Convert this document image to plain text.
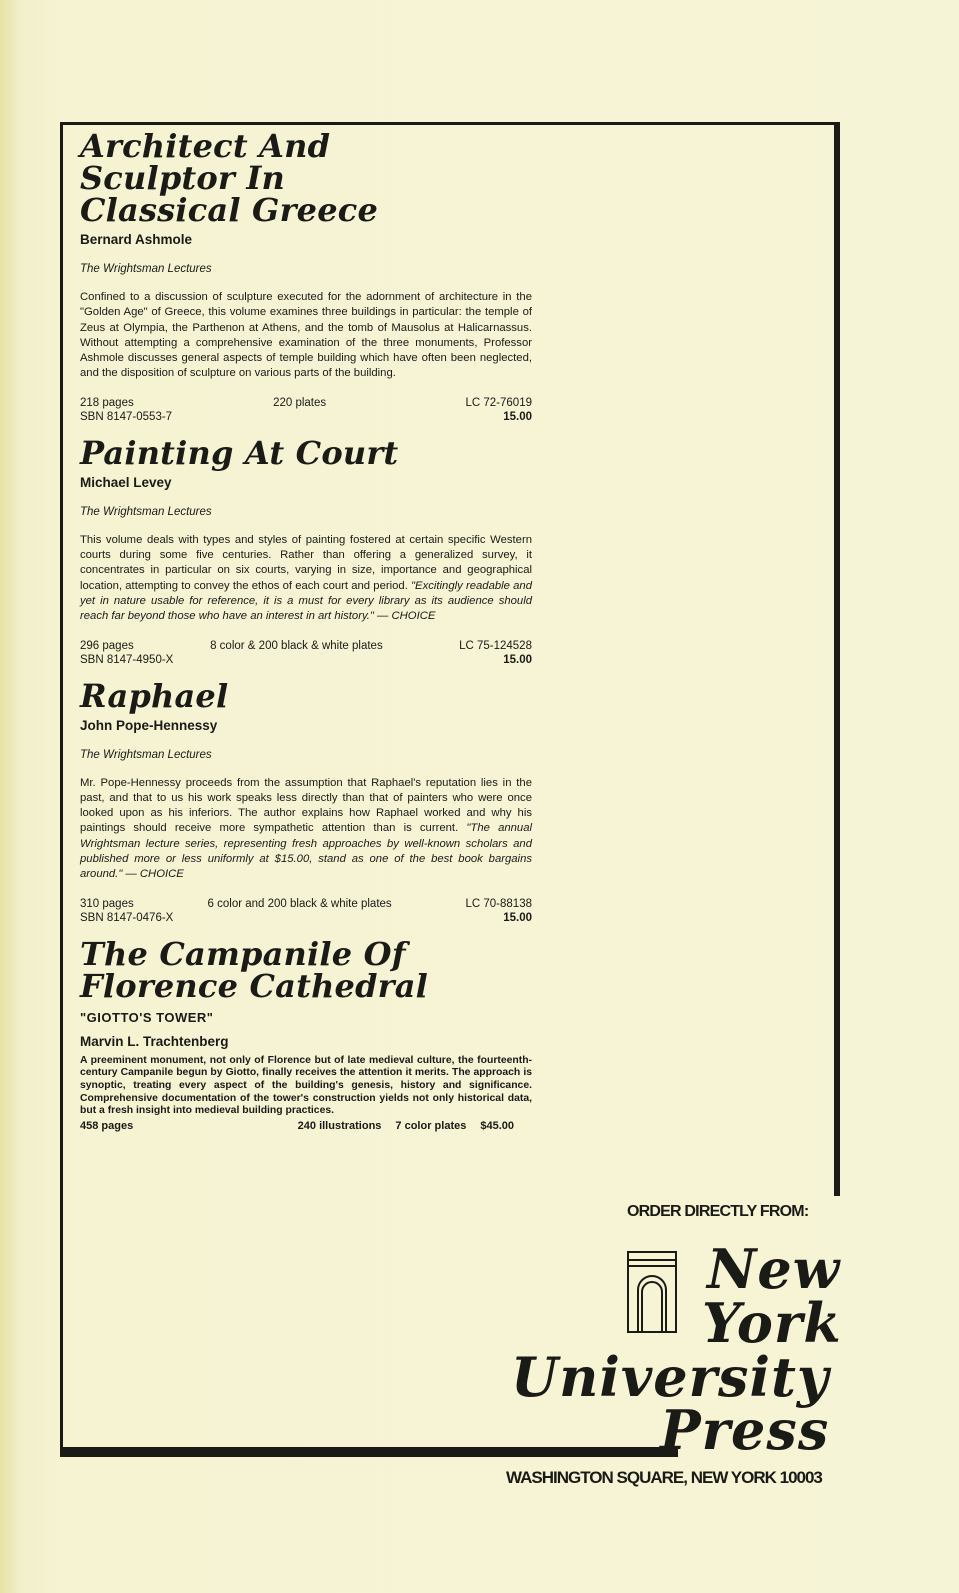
Architect And
Sculptor In
Classical Greece

Bernard Ashmole

The Wrightsman Lectures

Confined to a discussion of sculpture executed for the adornment of architecture in the "Golden Age" of Greece, this volume examines three buildings in particular: the temple of Zeus at Olympia, the Parthenon at Athens, and the tomb of Mausolus at Halicarnassus. Without attempting a comprehensive examination of the three monuments, Professor Ashmole discusses general aspects of temple building which have often been neglected, and the disposition of sculpture on various parts of the building.

218 pages	220 plates	LC 72-76019
SBN 8147-0553-7	15.00
Painting At Court

Michael Levey

The Wrightsman Lectures

This volume deals with types and styles of painting fostered at certain specific Western courts during some five centuries. Rather than offering a generalized survey, it concentrates in particular on six courts, varying in size, importance and geographical location, attempting to convey the ethos of each court and period. "Excitingly readable and yet in nature usable for reference, it is a must for every library as its audience should reach far beyond those who have an interest in art history." — CHOICE

296 pages	8 color & 200 black & white plates	LC 75-124528
SBN 8147-4950-X	15.00
Raphael

John Pope-Hennessy

The Wrightsman Lectures

Mr. Pope-Hennessy proceeds from the assumption that Raphael's reputation lies in the past, and that to us his work speaks less directly than that of painters who were once looked upon as his inferiors. The author explains how Raphael worked and why his paintings should receive more sympathetic attention than is current. "The annual Wrightsman lecture series, representing fresh approaches by well-known scholars and published more or less uniformly at $15.00, stand as one of the best book bargains around." — CHOICE

310 pages	6 color and 200 black & white plates	LC 70-88138
SBN 8147-0476-X	15.00
The Campanile Of
Florence Cathedral

"GIOTTO'S TOWER"

Marvin L. Trachtenberg

A preeminent monument, not only of Florence but of late medieval culture, the fourteenth-century Campanile begun by Giotto, finally receives the attention it merits. The approach is synoptic, treating every aspect of the building's genesis, history and significance. Comprehensive documentation of the tower's construction yields not only historical data, but a fresh insight into medieval building practices.

458 pages	240 illustrations 7 color plates $45.00
ORDER DIRECTLY FROM:
New
York
University
Press
WASHINGTON SQUARE, NEW YORK 10003
